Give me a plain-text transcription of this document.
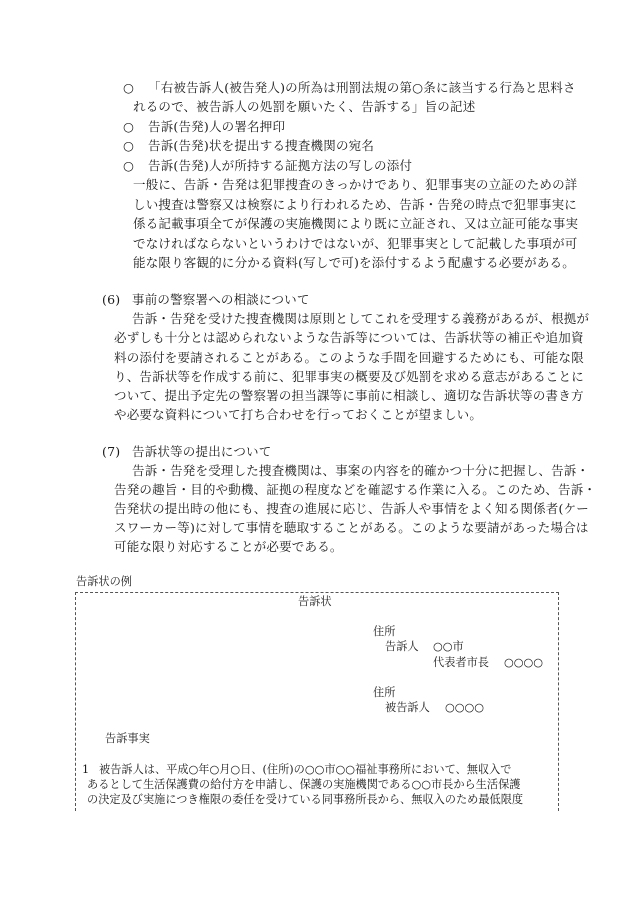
○ 「右被告訴人(被告発人)の所為は刑罰法規の第○条に該当する行為と思料さ
れるので、被告訴人の処罰を願いたく、告訴する」旨の記述
○ 告訴(告発)人の署名押印
○ 告訴(告発)状を提出する捜査機関の宛名
○ 告訴(告発)人が所持する証拠方法の写しの添付
一般に、告訴・告発は犯罪捜査のきっかけであり、犯罪事実の立証のための詳
しい捜査は警察又は検察により行われるため、告訴・告発の時点で犯罪事実に
係る記載事項全てが保護の実施機関により既に立証され、又は立証可能な事実
でなければならないというわけではないが、犯罪事実として記載した事項が可
能な限り客観的に分かる資料(写しで可)を添付するよう配慮する必要がある。
(6) 事前の警察署への相談について
告訴・告発を受けた捜査機関は原則としてこれを受理する義務があるが、根拠が
必ずしも十分とは認められないような告訴等については、告訴状等の補正や追加資
料の添付を要請されることがある。このような手間を回避するためにも、可能な限
り、告訴状等を作成する前に、犯罪事実の概要及び処罰を求める意志があることに
ついて、提出予定先の警察署の担当課等に事前に相談し、適切な告訴状等の書き方
や必要な資料について打ち合わせを行っておくことが望ましい。
(7) 告訴状等の提出について
告訴・告発を受理した捜査機関は、事案の内容を的確かつ十分に把握し、告訴・
告発の趣旨・目的や動機、証拠の程度などを確認する作業に入る。このため、告訴・
告発状の提出時の他にも、捜査の進展に応じ、告訴人や事情をよく知る関係者(ケー
スワーカー等)に対して事情を聴取することがある。このような要請があった場合は
可能な限り対応することが必要である。
告訴状の例
告訴状
住所
告訴人 ○○市
代表者市長 ○○○○
住所
被告訴人 ○○○○
告訴事実
1 被告訴人は、平成○年○月○日、(住所)の○○市○○福祉事務所において、無収入で
あるとして生活保護費の給付方を申請し、保護の実施機関である○○市長から生活保護
の決定及び実施につき権限の委任を受けている同事務所長から、無収入のため最低限度
